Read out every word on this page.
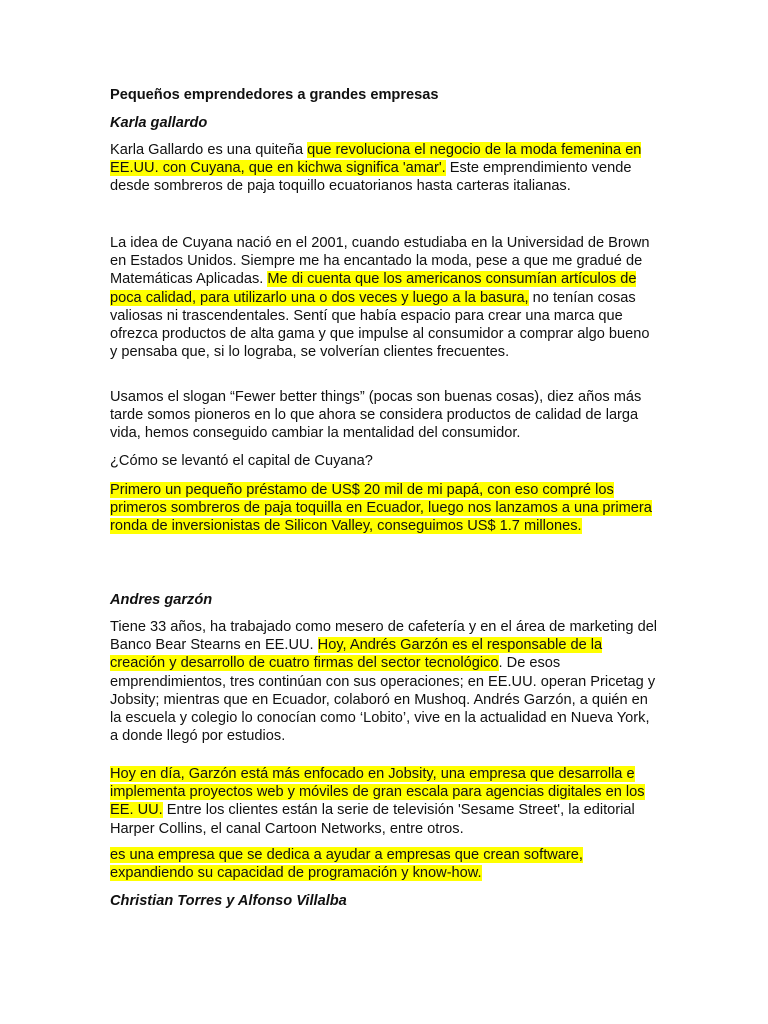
Pequeños emprendedores a grandes empresas
Karla gallardo
Karla Gallardo es una quiteña que revoluciona el negocio de la moda femenina en EE.UU. con Cuyana, que en kichwa significa 'amar'. Este emprendimiento vende desde sombreros de paja toquillo ecuatorianos hasta carteras italianas.
La idea de Cuyana nació en el 2001, cuando estudiaba en la Universidad de Brown en Estados Unidos. Siempre me ha encantado la moda, pese a que me gradué de Matemáticas Aplicadas. Me di cuenta que los americanos consumían artículos de poca calidad, para utilizarlo una o dos veces y luego a la basura, no tenían cosas valiosas ni trascendentales. Sentí que había espacio para crear una marca que ofrezca productos de alta gama y que impulse al consumidor a comprar algo bueno y pensaba que, si lo lograba, se volverían clientes frecuentes.
Usamos el slogan “Fewer better things” (pocas son buenas cosas), diez años más tarde somos pioneros en lo que ahora se considera productos de calidad de larga vida, hemos conseguido cambiar la mentalidad del consumidor.
¿Cómo se levantó el capital de Cuyana?
Primero un pequeño préstamo de US$ 20 mil de mi papá, con eso compré los primeros sombreros de paja toquilla en Ecuador, luego nos lanzamos a una primera ronda de inversionistas de Silicon Valley, conseguimos US$ 1.7 millones.
Andres garzón
Tiene 33 años, ha trabajado como mesero de cafetería y en el área de marketing del Banco Bear Stearns en EE.UU. Hoy, Andrés Garzón es el responsable de la creación y desarrollo de cuatro firmas del sector tecnológico. De esos emprendimientos, tres continúan con sus operaciones; en EE.UU. operan Pricetag y Jobsity; mientras que en Ecuador, colaboró en Mushoq. Andrés Garzón, a quién en la escuela y colegio lo conocían como ‘Lobito’, vive en la actualidad en Nueva York, a donde llegó por estudios.
Hoy en día, Garzón está más enfocado en Jobsity, una empresa que desarrolla e implementa proyectos web y móviles de gran escala para agencias digitales en los EE. UU. Entre los clientes están la serie de televisión 'Sesame Street', la editorial Harper Collins, el canal Cartoon Networks, entre otros.
es una empresa que se dedica a ayudar a empresas que crean software, expandiendo su capacidad de programación y know-how.
Christian Torres y Alfonso Villalba
